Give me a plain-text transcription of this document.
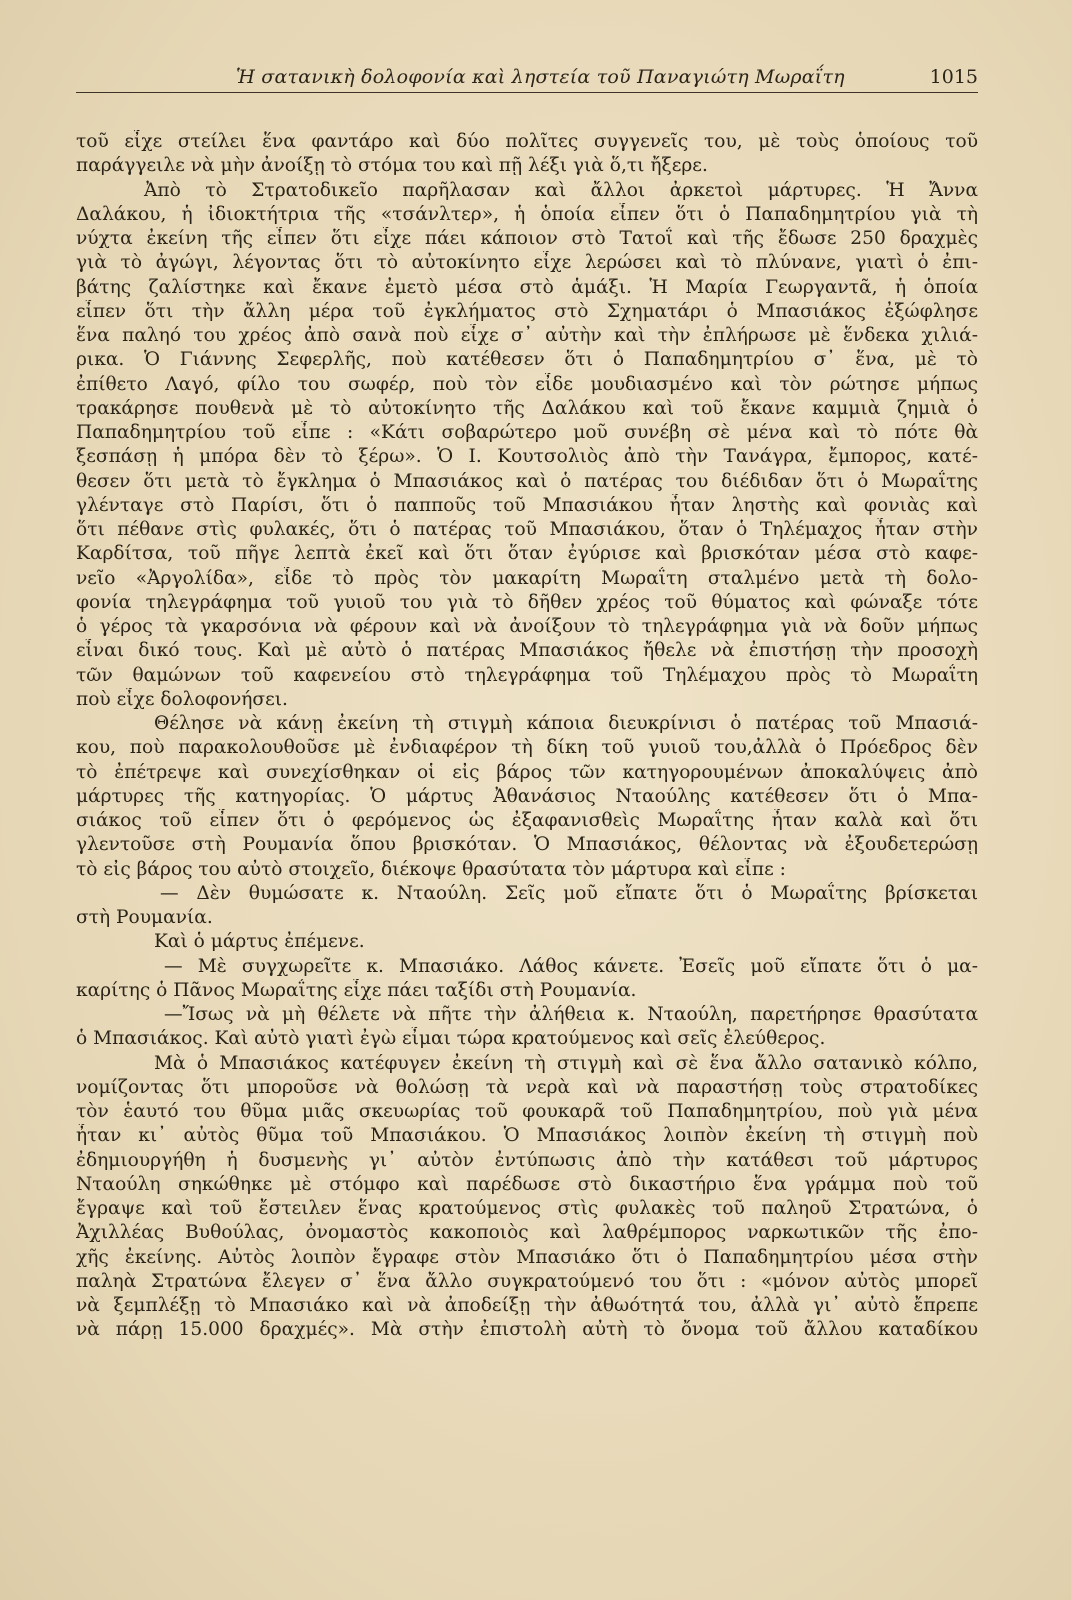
Ἡ σατανικὴ δολοφονία καὶ ληστεία τοῦ Παναγιώτη Μωραΐτη	1015
τοῦ εἶχε στείλει ἕνα φαντάρο καὶ δύο πολῖτες συγγενεῖς του, μὲ τοὺς ὁποίους τοῦ
παράγγειλε νὰ μὴν ἀνοίξῃ τὸ στόμα του καὶ πῇ λέξι γιὰ ὅ,τι ἤξερε.
Ἀπὸ τὸ Στρατοδικεῖο παρῆλασαν καὶ ἄλλοι ἀρκετοὶ μάρτυρες. Ἡ Ἄννα
Δαλάκου, ἡ ἰδιοκτήτρια τῆς «τσάνλτερ», ἡ ὁποία εἶπεν ὅτι ὁ Παπαδημητρίου γιὰ τὴ
νύχτα ἐκείνη τῆς εἶπεν ὅτι εἶχε πάει κάποιον στὸ Τατοΐ καὶ τῆς ἔδωσε 250 δραχμὲς
γιὰ τὸ ἀγώγι, λέγοντας ὅτι τὸ αὐτοκίνητο εἶχε λερώσει καὶ τὸ πλύνανε, γιατὶ ὁ ἐπι-
βάτης ζαλίστηκε καὶ ἔκανε ἐμετὸ μέσα στὸ ἁμάξι. Ἡ Μαρία Γεωργαντᾶ, ἡ ὁποία
εἶπεν ὅτι τὴν ἄλλη μέρα τοῦ ἐγκλήματος στὸ Σχηματάρι ὁ Μπασιάκος ἐξώφλησε
ἕνα παληό του χρέος ἀπὸ σανὰ ποὺ εἶχε σ᾽ αὐτὴν καὶ τὴν ἐπλήρωσε μὲ ἕνδεκα χιλιά-
ρικα. Ὁ Γιάννης Σεφερλῆς, ποὺ κατέθεσεν ὅτι ὁ Παπαδημητρίου σ᾽ ἕνα, μὲ τὸ
ἐπίθετο Λαγό, φίλο του σωφέρ, ποὺ τὸν εἶδε μουδιασμένο καὶ τὸν ρώτησε μήπως
τρακάρησε πουθενὰ μὲ τὸ αὐτοκίνητο τῆς Δαλάκου καὶ τοῦ ἔκανε καμμιὰ ζημιὰ ὁ
Παπαδημητρίου τοῦ εἶπε : «Κάτι σοβαρώτερο μοῦ συνέβη σὲ μένα καὶ τὸ πότε θὰ
ξεσπάσῃ ἡ μπόρα δὲν τὸ ξέρω». Ὁ Ι. Κουτσολιὸς ἀπὸ τὴν Τανάγρα, ἔμπορος, κατέ-
θεσεν ὅτι μετὰ τὸ ἔγκλημα ὁ Μπασιάκος καὶ ὁ πατέρας του διέδιδαν ὅτι ὁ Μωραΐτης
γλένταγε στὸ Παρίσι, ὅτι ὁ παπποῦς τοῦ Μπασιάκου ἦταν ληστὴς καὶ φονιὰς καὶ
ὅτι πέθανε στὶς φυλακές, ὅτι ὁ πατέρας τοῦ Μπασιάκου, ὅταν ὁ Τηλέμαχος ἦταν στὴν
Καρδίτσα, τοῦ πῆγε λεπτὰ ἐκεῖ καὶ ὅτι ὅταν ἐγύρισε καὶ βρισκόταν μέσα στὸ καφε-
νεῖο «Ἀργολίδα», εἶδε τὸ πρὸς τὸν μακαρίτη Μωραΐτη σταλμένο μετὰ τὴ δολο-
φονία τηλεγράφημα τοῦ γυιοῦ του γιὰ τὸ δῆθεν χρέος τοῦ θύματος καὶ φώναξε τότε
ὁ γέρος τὰ γκαρσόνια νὰ φέρουν καὶ νὰ ἀνοίξουν τὸ τηλεγράφημα γιὰ νὰ δοῦν μήπως
εἶναι δικό τους. Καὶ μὲ αὐτὸ ὁ πατέρας Μπασιάκος ἤθελε νὰ ἐπιστήσῃ τὴν προσοχὴ
τῶν θαμώνων τοῦ καφενείου στὸ τηλεγράφημα τοῦ Τηλέμαχου πρὸς τὸ Μωραΐτη
ποὺ εἶχε δολοφονήσει.
Θέλησε νὰ κάνῃ ἐκείνη τὴ στιγμὴ κάποια διευκρίνισι ὁ πατέρας τοῦ Μπασιά-
κου, ποὺ παρακολουθοῦσε μὲ ἐνδιαφέρον τὴ δίκη τοῦ γυιοῦ του,ἀλλὰ ὁ Πρόεδρος δὲν
τὸ ἐπέτρεψε καὶ συνεχίσθηκαν οἱ εἰς βάρος τῶν κατηγορουμένων ἀποκαλύψεις ἀπὸ
μάρτυρες τῆς κατηγορίας. Ὁ μάρτυς Ἀθανάσιος Νταούλης κατέθεσεν ὅτι ὁ Μπα-
σιάκος τοῦ εἶπεν ὅτι ὁ φερόμενος ὡς ἐξαφανισθεὶς Μωραΐτης ἦταν καλὰ καὶ ὅτι
γλεντοῦσε στὴ Ρουμανία ὅπου βρισκόταν. Ὁ Μπασιάκος, θέλοντας νὰ ἐξουδετερώσῃ
τὸ εἰς βάρος του αὐτὸ στοιχεῖο, διέκοψε θρασύτατα τὸν μάρτυρα καὶ εἶπε :
— Δὲν θυμώσατε κ. Νταούλη. Σεῖς μοῦ εἴπατε ὅτι ὁ Μωραΐτης βρίσκεται
στὴ Ρουμανία.
Καὶ ὁ μάρτυς ἐπέμενε.
— Μὲ συγχωρεῖτε κ. Μπασιάκο. Λάθος κάνετε. Ἐσεῖς μοῦ εἴπατε ὅτι ὁ μα-
καρίτης ὁ Πᾶνος Μωραΐτης εἶχε πάει ταξίδι στὴ Ρουμανία.
—Ἴσως νὰ μὴ θέλετε νὰ πῆτε τὴν ἀλήθεια κ. Νταούλη, παρετήρησε θρασύτατα
ὁ Μπασιάκος. Καὶ αὐτὸ γιατὶ ἐγὼ εἶμαι τώρα κρατούμενος καὶ σεῖς ἐλεύθερος.
Μὰ ὁ Μπασιάκος κατέφυγεν ἐκείνη τὴ στιγμὴ καὶ σὲ ἕνα ἄλλο σατανικὸ κόλπο,
νομίζοντας ὅτι μποροῦσε νὰ θολώσῃ τὰ νερὰ καὶ νὰ παραστήσῃ τοὺς στρατοδίκες
τὸν ἑαυτό του θῦμα μιᾶς σκευωρίας τοῦ φουκαρᾶ τοῦ Παπαδημητρίου, ποὺ γιὰ μένα
ἦταν κι᾽ αὐτὸς θῦμα τοῦ Μπασιάκου. Ὁ Μπασιάκος λοιπὸν ἐκείνη τὴ στιγμὴ ποὺ
ἐδημιουργήθη ἡ δυσμενὴς γι᾽ αὐτὸν ἐντύπωσις ἀπὸ τὴν κατάθεσι τοῦ μάρτυρος
Νταούλη σηκώθηκε μὲ στόμφο καὶ παρέδωσε στὸ δικαστήριο ἕνα γράμμα ποὺ τοῦ
ἔγραψε καὶ τοῦ ἔστειλεν ἕνας κρατούμενος στὶς φυλακὲς τοῦ παληοῦ Στρατώνα, ὁ
Ἀχιλλέας Βυθούλας, ὀνομαστὸς κακοποιὸς καὶ λαθρέμπορος ναρκωτικῶν τῆς ἐπο-
χῆς ἐκείνης. Αὐτὸς λοιπὸν ἔγραφε στὸν Μπασιάκο ὅτι ὁ Παπαδημητρίου μέσα στὴν
παληὰ Στρατώνα ἔλεγεν σ᾽ ἕνα ἄλλο συγκρατούμενό του ὅτι : «μόνον αὐτὸς μπορεῖ
νὰ ξεμπλέξῃ τὸ Μπασιάκο καὶ νὰ ἀποδείξῃ τὴν ἀθωότητά του, ἀλλὰ γι᾽ αὐτὸ ἔπρεπε
νὰ πάρῃ 15.000 δραχμές». Μὰ στὴν ἐπιστολὴ αὐτὴ τὸ ὄνομα τοῦ ἄλλου καταδίκου
